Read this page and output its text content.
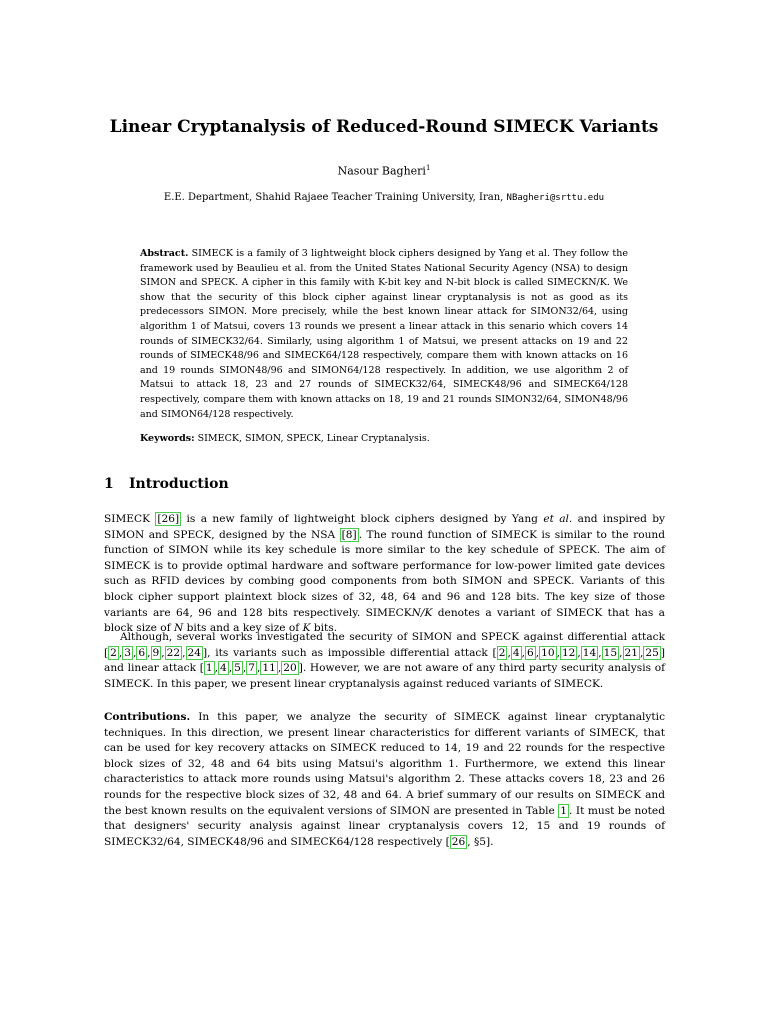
Linear Cryptanalysis of Reduced-Round SIMECK Variants
Nasour Bagheri$^1$
E.E. Department, Shahid Rajaee Teacher Training University, Iran, NBagheri@srttu.edu
Abstract. SIMECK is a family of 3 lightweight block ciphers designed by Yang et al. They follow the framework used by Beaulieu et al. from the United States National Security Agency (NSA) to design SIMON and SPECK. A cipher in this family with K-bit key and N-bit block is called SIMECKN/K. We show that the security of this block cipher against linear cryptanalysis is not as good as its predecessors SIMON. More precisely, while the best known linear attack for SIMON32/64, using algorithm 1 of Matsui, covers 13 rounds we present a linear attack in this senario which covers 14 rounds of SIMECK32/64. Similarly, using algorithm 1 of Matsui, we present attacks on 19 and 22 rounds of SIMECK48/96 and SIMECK64/128 respectively, compare them with known attacks on 16 and 19 rounds SIMON48/96 and SIMON64/128 respectively. In addition, we use algorithm 2 of Matsui to attack 18, 23 and 27 rounds of SIMECK32/64, SIMECK48/96 and SIMECK64/128 respectively, compare them with known attacks on 18, 19 and 21 rounds SIMON32/64, SIMON48/96 and SIMON64/128 respectively.
Keywords: SIMECK, SIMON, SPECK, Linear Cryptanalysis.
1 Introduction
SIMECK [26] is a new family of lightweight block ciphers designed by Yang et al. and inspired by SIMON and SPECK, designed by the NSA [8] . The round function of SIMECK is similar to the round function of SIMON while its key schedule is more similar to the key schedule of SPECK. The aim of SIMECK is to provide optimal hardware and software performance for low-power limited gate devices such as RFID devices by combing good components from both SIMON and SPECK. Variants of this block cipher support plaintext block sizes of 32, 48, 64 and 96 and 128 bits. The key size of those variants are 64, 96 and 128 bits respectively. SIMECKN/K denotes a variant of SIMECK that has a block size of N bits and a key size of K bits.
Although, several works investigated the security of SIMON and SPECK against differential attack [ 2 , 3 , 6 , 9 , 22 , 24 ], its variants such as impossible differential attack [ 2 , 4 , 6 , 10 , 12 , 14 , 15 , 21 , 25 ] and linear attack [ 1 , 4 , 5 , 7 , 11 , 20 ]. However, we are not aware of any third party security analysis of SIMECK. In this paper, we present linear cryptanalysis against reduced variants of SIMECK.
Contributions. In this paper, we analyze the security of SIMECK against linear cryptanalytic techniques. In this direction, we present linear characteristics for different variants of SIMECK, that can be used for key recovery attacks on SIMECK reduced to 14, 19 and 22 rounds for the respective block sizes of 32, 48 and 64 bits using Matsui's algorithm 1. Furthermore, we extend this linear characteristics to attack more rounds using Matsui's algorithm 2. These attacks covers 18, 23 and 26 rounds for the respective block sizes of 32, 48 and 64. A brief summary of our results on SIMECK and the best known results on the equivalent versions of SIMON are presented in Table 1 . It must be noted that designers' security analysis against linear cryptanalysis covers 12, 15 and 19 rounds of SIMECK32/64, SIMECK48/96 and SIMECK64/128 respectively [ 26 , §5].
